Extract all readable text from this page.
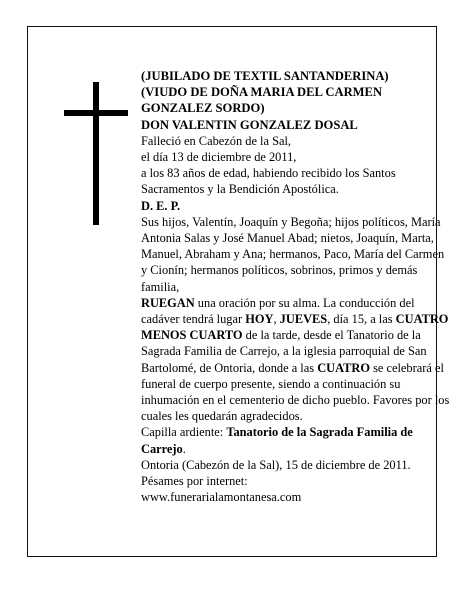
(JUBILADO DE TEXTIL SANTANDERINA)

(VIUDO DE DOÑA MARIA DEL CARMEN GONZALEZ SORDO)

DON VALENTIN GONZALEZ DOSAL

Falleció en Cabezón de la Sal,

el día 13 de diciembre de 2011,

a los 83 años de edad, habiendo recibido los Santos Sacramentos y la Bendición Apostólica.

D. E. P.

Sus hijos, Valentín, Joaquín y Begoña; hijos políticos, María Antonia Salas y José Manuel Abad; nietos, Joaquín, Marta, Manuel, Abraham y Ana; hermanos, Paco, María del Carmen y Cionín; hermanos políticos, sobrinos, primos y demás familia,

RUEGAN una oración por su alma. La conducción del cadáver tendrá lugar HOY, JUEVES, día 15, a las CUATRO MENOS CUARTO de la tarde, desde el Tanatorio de la Sagrada Familia de Carrejo, a la iglesia parroquial de San Bartolomé, de Ontoria, donde a las CUATRO se celebrará el funeral de cuerpo presente, siendo a continuación su inhumación en el cementerio de dicho pueblo. Favores por los cuales les quedarán agradecidos.

Capilla ardiente: Tanatorio de la Sagrada Familia de Carrejo.

Ontoria (Cabezón de la Sal), 15 de diciembre de 2011.

Pésames por internet:

www.funerarialamontanesa.com
